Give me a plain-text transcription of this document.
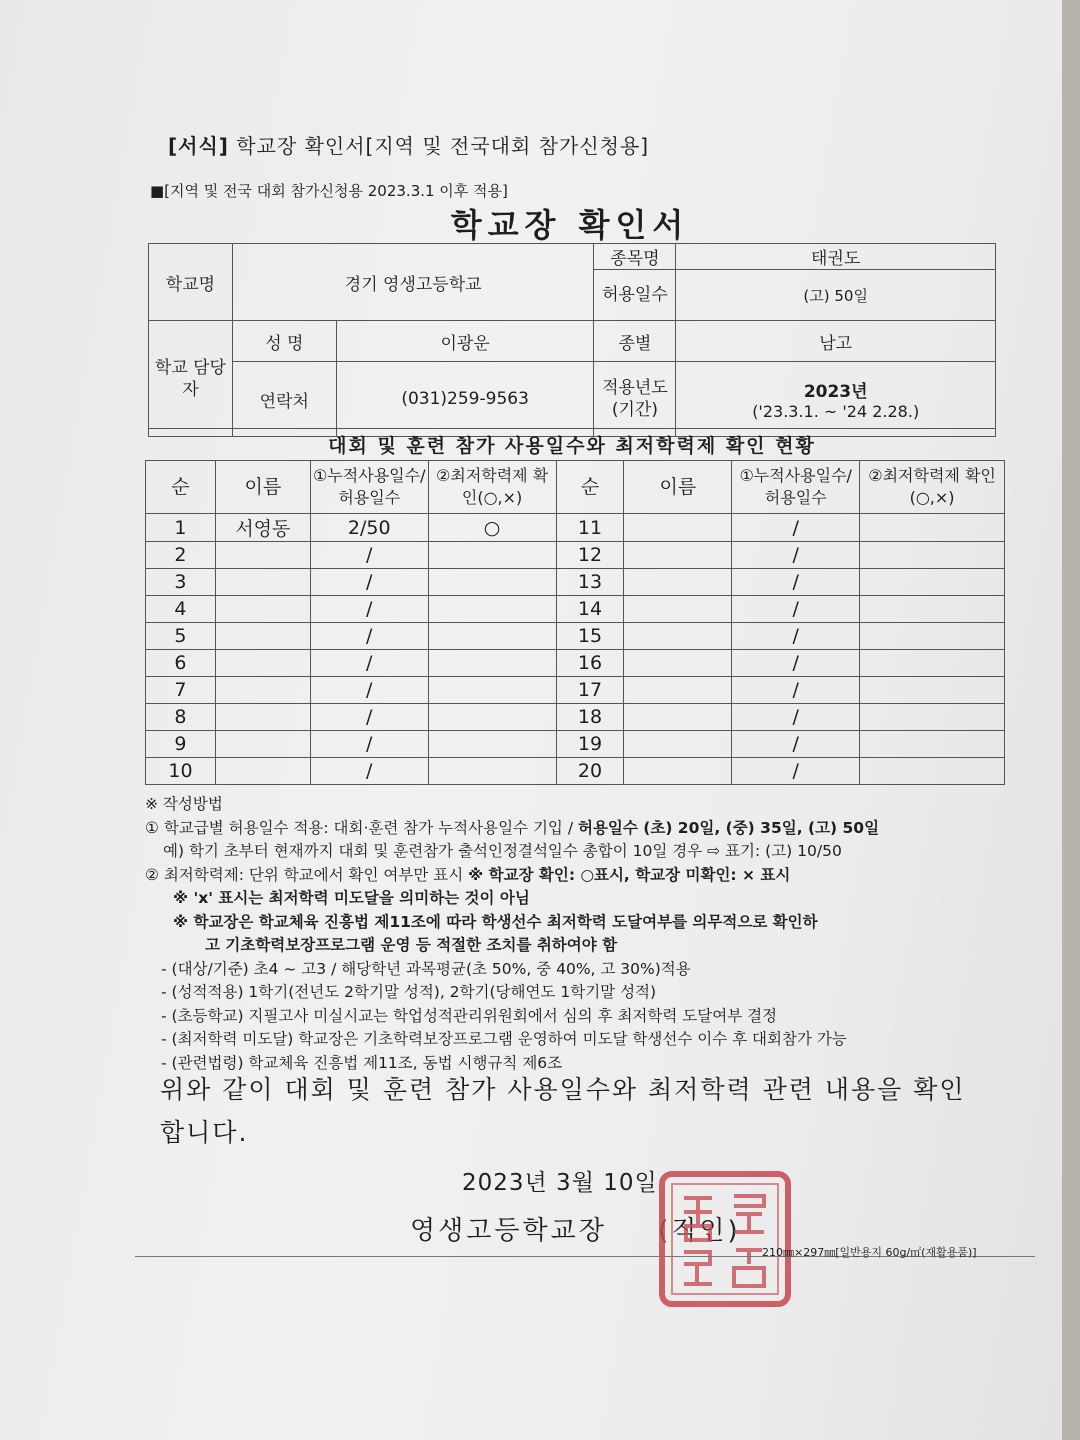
[서식] 학교장 확인서[지역 및 전국대회 참가신청용]
■[지역 및 전국 대회 참가신청용 2023.3.1 이후 적용]
학교장 확인서
학교명	경기 영생고등학교		종목명	태권도
			허용일수	(고) 50일
학교 담당자	성 명	이광운	종별	남고
	연락처	(031)259-9563	적용년도 (기간)	2023년
('23.3.1. ~ '24 2.28.)
대회 및 훈련 참가 사용일수와 최저학력제 확인 현황
순	이름	①누적사용일수/허용일수	②최저학력제 확인(○,×)	순	이름	①누적사용일수/허용일수	②최저학력제 확인(○,×)
1	서영동	2/50	○	11		/	
2		/		12		/	
3		/		13		/	
4		/		14		/	
5		/		15		/	
6		/		16		/	
7		/		17		/	
8		/		18		/	
9		/		19		/	
10		/		20		/	
※ 작성방법
① 학교급별 허용일수 적용: 대회·훈련 참가 누적사용일수 기입 / 허용일수 (초) 20일, (중) 35일, (고) 50일
예) 학기 초부터 현재까지 대회 및 훈련참가 출석인정결석일수 총합이 10일 경우 ⇨ 표기: (고) 10/50
② 최저학력제: 단위 학교에서 확인 여부만 표시 ※ 학교장 확인: ○표시, 학교장 미확인: × 표시
※ 'x' 표시는 최저학력 미도달을 의미하는 것이 아님
※ 학교장은 학교체육 진흥법 제11조에 따라 학생선수 최저학력 도달여부를 의무적으로 확인하
고 기초학력보장프로그램 운영 등 적절한 조치를 취하여야 함
- (대상/기준) 초4 ~ 고3 / 해당학년 과목평균(초 50%, 중 40%, 고 30%)적용
- (성적적용) 1학기(전년도 2학기말 성적), 2학기(당해연도 1학기말 성적)
- (초등학교) 지필고사 미실시교는 학업성적관리위원회에서 심의 후 최저학력 도달여부 결정
- (최저학력 미도달) 학교장은 기초학력보장프로그램 운영하여 미도달 학생선수 이수 후 대회참가 가능
- (관련법령) 학교체육 진흥법 제11조, 동법 시행규칙 제6조
위와 같이 대회 및 훈련 참가 사용일수와 최저학력 관련 내용을 확인
합니다.
2023년 3월 10일
영생고등학교장 (직인)
210㎜×297㎜[일반용지 60g/㎡(재활용품)]
